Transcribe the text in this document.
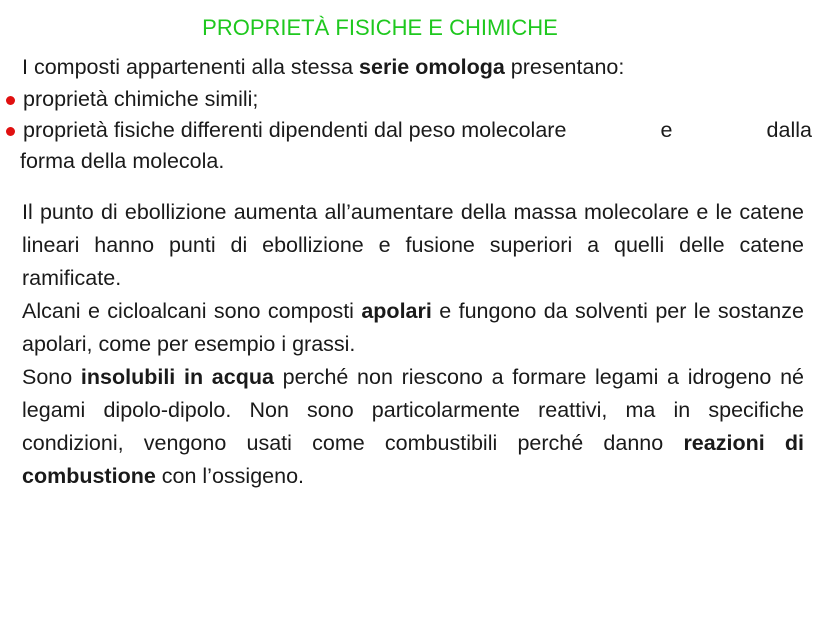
PROPRIETÀ FISICHE E CHIMICHE
I composti appartenenti alla stessa serie omologa presentano:
proprietà chimiche simili;
proprietà fisiche differenti dipendenti dal peso molecolare	e	dalla
forma della molecola.

Il punto di ebollizione aumenta all’aumentare della massa molecolare e le catene lineari hanno punti di ebollizione e fusione superiori a quelli delle catene ramificate.

Alcani e cicloalcani sono composti apolari e fungono da solventi per le sostanze apolari, come per esempio i grassi.

Sono insolubili in acqua perché non riescono a formare legami a idrogeno né legami dipolo-dipolo. Non sono particolarmente reattivi, ma in specifiche condizioni, vengono usati come combustibili perché danno reazioni di combustione con l’ossigeno.
